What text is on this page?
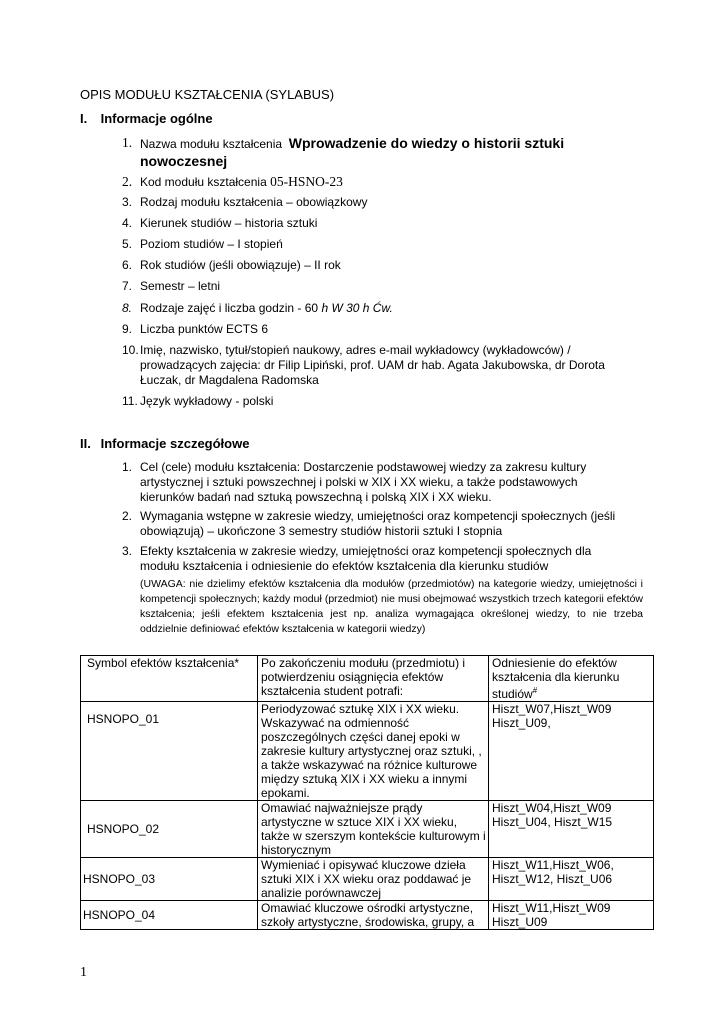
OPIS MODUŁU KSZTAŁCENIA (SYLABUS)
I. Informacje ogólne
1. Nazwa modułu kształcenia Wprowadzenie do wiedzy o historii sztuki nowoczesnej
2. Kod modułu kształcenia 05-HSNO-23
3. Rodzaj modułu kształcenia – obowiązkowy
4. Kierunek studiów – historia sztuki
5. Poziom studiów – I stopień
6. Rok studiów (jeśli obowiązuje) – II rok
7. Semestr – letni
8. Rodzaje zajęć i liczba godzin - 60 h W 30 h Ćw.
9. Liczba punktów ECTS 6
10. Imię, nazwisko, tytuł/stopień naukowy, adres e-mail wykładowcy (wykładowców) / prowadzących zajęcia: dr Filip Lipiński, prof. UAM dr hab. Agata Jakubowska, dr Dorota Łuczak, dr Magdalena Radomska
11. Język wykładowy - polski
II. Informacje szczegółowe
1. Cel (cele) modułu kształcenia: Dostarczenie podstawowej wiedzy za zakresu kultury artystycznej i sztuki powszechnej i polski w XIX i XX wieku, a także podstawowych kierunków badań nad sztuką powszechną i polską XIX i XX wieku.
2. Wymagania wstępne w zakresie wiedzy, umiejętności oraz kompetencji społecznych (jeśli obowiązują) – ukończone 3 semestry studiów historii sztuki I stopnia
3. Efekty kształcenia w zakresie wiedzy, umiejętności oraz kompetencji społecznych dla modułu kształcenia i odniesienie do efektów kształcenia dla kierunku studiów
(UWAGA: nie dzielimy efektów kształcenia dla modułów (przedmiotów) na kategorie wiedzy, umiejętności i kompetencji społecznych; każdy moduł (przedmiot) nie musi obejmować wszystkich trzech kategorii efektów kształcenia; jeśli efektem kształcenia jest np. analiza wymagająca określonej wiedzy, to nie trzeba oddzielnie definiować efektów kształcenia w kategorii wiedzy)
Symbol efektów kształcenia*	Po zakończeniu modułu (przedmiotu) i potwierdzeniu osiągnięcia efektów kształcenia student potrafi:	Odniesienie do efektów kształcenia dla kierunku studiów#
HSNOPO_01	Periodyzować sztukę XIX i XX wieku. Wskazywać na odmienność poszczególnych części danej epoki w zakresie kultury artystycznej oraz sztuki, , a także wskazywać na różnice kulturowe między sztuką XIX i XX wieku a innymi epokami.	Hiszt_W07,Hiszt_W09 Hiszt_U09,
HSNOPO_02	Omawiać najważniejsze prądy artystyczne w sztuce XIX i XX wieku, także w szerszym kontekście kulturowym i historycznym	Hiszt_W04,Hiszt_W09 Hiszt_U04, Hiszt_W15
HSNOPO_03	Wymieniać i opisywać kluczowe dzieła sztuki XIX i XX wieku oraz poddawać je analizie porównawczej	Hiszt_W11,Hiszt_W06, Hiszt_W12, Hiszt_U06
HSNOPO_04	Omawiać kluczowe ośrodki artystyczne, szkoły artystyczne, środowiska, grupy, a	Hiszt_W11,Hiszt_W09 Hiszt_U09
1
